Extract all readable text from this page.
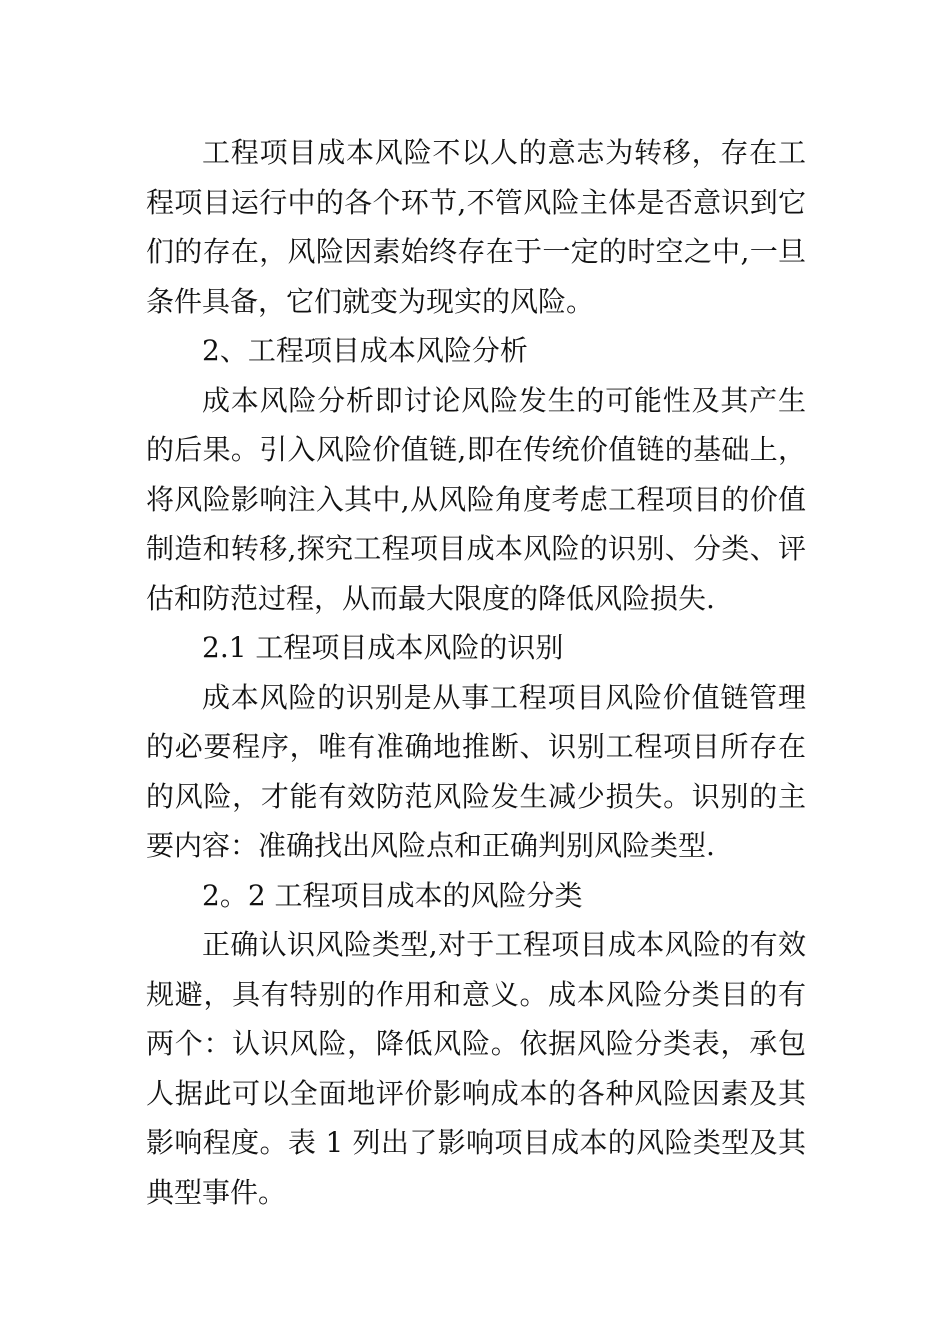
工程项目成本风险不以人的意志为转移，存在工程项目运行中的各个环节,不管风险主体是否意识到它们的存在，风险因素始终存在于一定的时空之中,一旦条件具备，它们就变为现实的风险。

2、工程项目成本风险分析

成本风险分析即讨论风险发生的可能性及其产生的后果。引入风险价值链,即在传统价值链的基础上，将风险影响注入其中,从风险角度考虑工程项目的价值制造和转移,探究工程项目成本风险的识别、分类、评估和防范过程，从而最大限度的降低风险损失.

2.1 工程项目成本风险的识别

成本风险的识别是从事工程项目风险价值链管理的必要程序，唯有准确地推断、识别工程项目所存在的风险，才能有效防范风险发生减少损失。识别的主要内容：准确找出风险点和正确判别风险类型.

2。2 工程项目成本的风险分类

正确认识风险类型,对于工程项目成本风险的有效规避，具有特别的作用和意义。成本风险分类目的有两个：认识风险，降低风险。依据风险分类表，承包人据此可以全面地评价影响成本的各种风险因素及其影响程度。表 1 列出了影响项目成本的风险类型及其典型事件。
